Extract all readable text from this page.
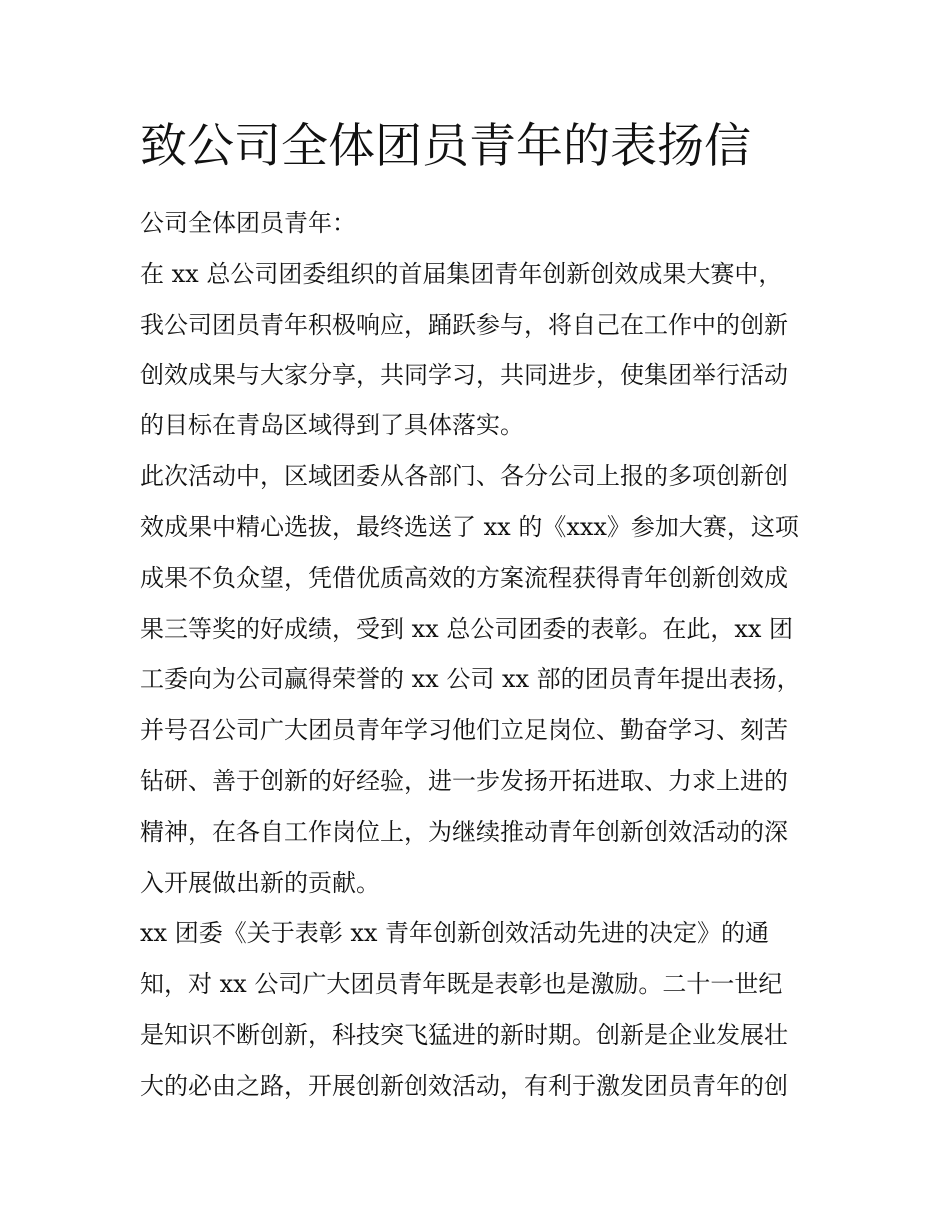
致公司全体团员青年的表扬信

公司全体团员青年：

在 xx 总公司团委组织的首届集团青年创新创效成果大赛中，

我公司团员青年积极响应，踊跃参与，将自己在工作中的创新

创效成果与大家分享，共同学习，共同进步，使集团举行活动

的目标在青岛区域得到了具体落实。

此次活动中，区域团委从各部门、各分公司上报的多项创新创

效成果中精心选拔，最终选送了 xx 的《xxx》参加大赛，这项

成果不负众望，凭借优质高效的方案流程获得青年创新创效成

果三等奖的好成绩，受到 xx 总公司团委的表彰。在此，xx 团

工委向为公司赢得荣誉的 xx 公司 xx 部的团员青年提出表扬，

并号召公司广大团员青年学习他们立足岗位、勤奋学习、刻苦

钻研、善于创新的好经验，进一步发扬开拓进取、力求上进的

精神，在各自工作岗位上，为继续推动青年创新创效活动的深

入开展做出新的贡献。

xx 团委《关于表彰 xx 青年创新创效活动先进的决定》的通

知，对 xx 公司广大团员青年既是表彰也是激励。二十一世纪

是知识不断创新，科技突飞猛进的新时期。创新是企业发展壮

大的必由之路，开展创新创效活动，有利于激发团员青年的创
